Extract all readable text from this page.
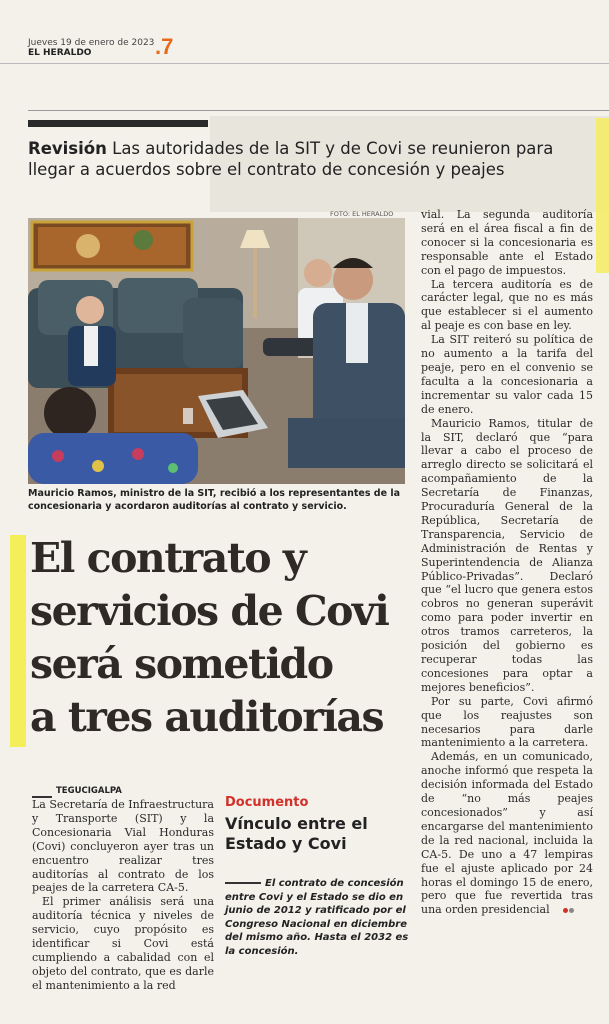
Jueves 19 de enero de 2023
EL HERALDO	.7
Revisión Las autoridades de la SIT y de Covi se reunieron para llegar a acuerdos sobre el contrato de concesión y peajes
FOTO: EL HERALDO
Mauricio Ramos, ministro de la SIT, recibió a los representantes de la concesionaria y acordaron auditorías al contrato y servicio.
El contrato y
servicios de Covi
será sometido
a tres auditorías
TEGUCIGALPA

La Secretaría de Infraestructura y Transporte (SIT) y la Concesionaria Vial Honduras (Covi) concluyeron ayer tras un encuentro realizar tres auditorías al contrato de los peajes de la carretera CA-5.

El primer análisis será una auditoría técnica y niveles de servicio, cuyo propósito es identificar si Covi está cumpliendo a cabalidad con el objeto del contrato, que es darle el mantenimiento a la red

vial. La segunda auditoría será en el área fiscal a fin de conocer si la concesionaria es responsable ante el Estado con el pago de impuestos.

La tercera auditoría es de carácter legal, que no es más que establecer si el aumento al peaje es con base en ley.

La SIT reiteró su política de no aumento a la tarifa del peaje, pero en el convenio se faculta a la concesionaria a incrementar su valor cada 15 de enero.

Mauricio Ramos, titular de la SIT, declaró que “para llevar a cabo el proceso de arreglo directo se solicitará el acompañamiento de la Secretaría de Finanzas, Procuraduría General de la República, Secretaría de Transparencia, Servicio de Administración de Rentas y Superintendencia de Alianza Público-Privadas”. Declaró que “el lucro que genera estos cobros no generan superávit como para poder invertir en otros tramos carreteros, la posición del gobierno es recuperar todas las concesiones para optar a mejores beneficios”.

Por su parte, Covi afirmó que los reajustes son necesarios para darle mantenimiento a la carretera.

Además, en un comunicado, anoche informó que respeta la decisión informada del Estado de “no más peajes concesionados” y así encargarse del mantenimiento de la red nacional, incluida la CA-5. De uno a 47 lempiras fue el ajuste aplicado por 24 horas el domingo 15 de enero, pero que fue revertida tras una orden presidencial

Documento
Vínculo entre el Estado y Covi
El contrato de concesión entre Covi y el Estado se dio en junio de 2012 y ratificado por el Congreso Nacional en diciembre del mismo año. Hasta el 2032 es la concesión.
